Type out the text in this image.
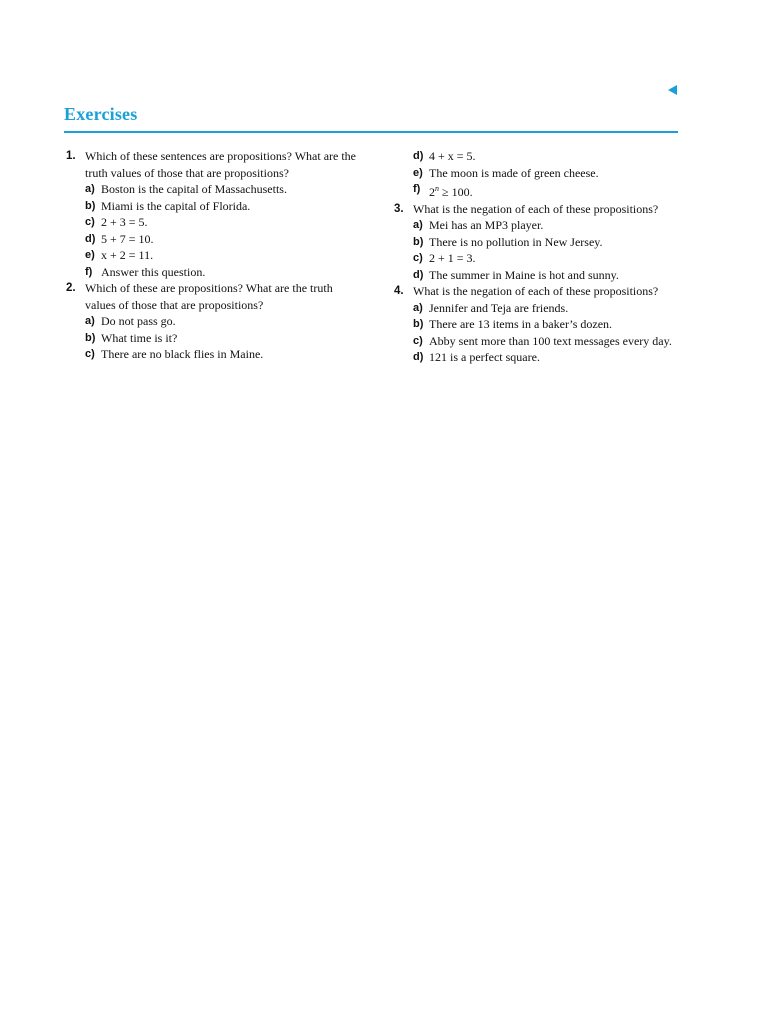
Exercises
1. Which of these sentences are propositions? What are the truth values of those that are propositions?
a) Boston is the capital of Massachusetts.
b) Miami is the capital of Florida.
c) 2 + 3 = 5.
d) 5 + 7 = 10.
e) x + 2 = 11.
f) Answer this question.
2. Which of these are propositions? What are the truth values of those that are propositions?
a) Do not pass go.
b) What time is it?
c) There are no black flies in Maine.
d) 4 + x = 5.
e) The moon is made of green cheese.
f) $2^n \ge 100$.
3. What is the negation of each of these propositions?
a) Mei has an MP3 player.
b) There is no pollution in New Jersey.
c) 2 + 1 = 3.
d) The summer in Maine is hot and sunny.
4. What is the negation of each of these propositions?
a) Jennifer and Teja are friends.
b) There are 13 items in a baker’s dozen.
c) Abby sent more than 100 text messages every day.
d) 121 is a perfect square.
